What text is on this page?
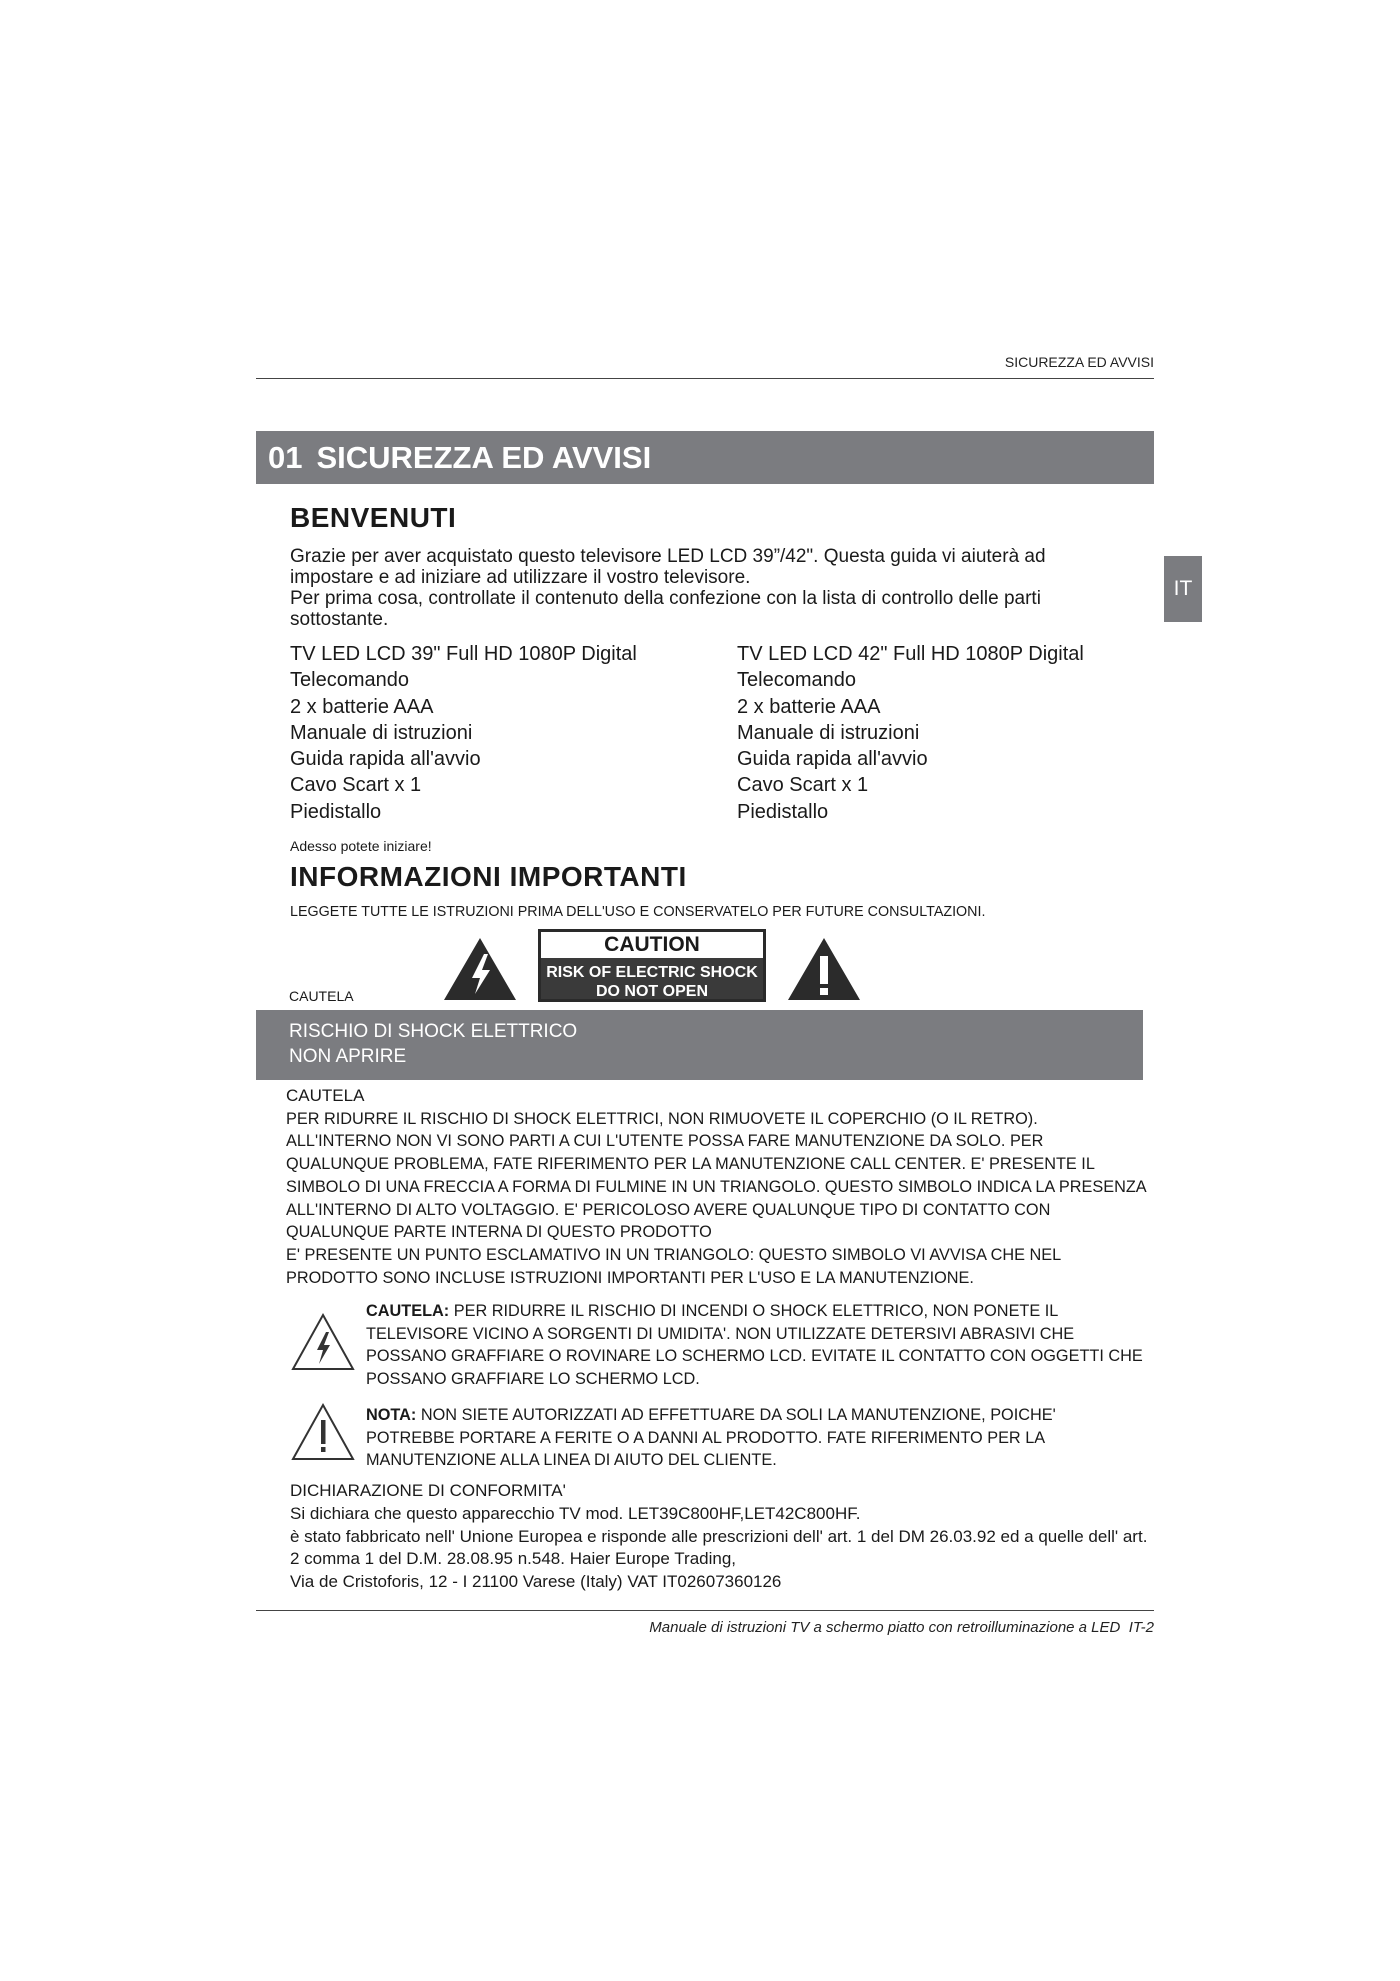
SICUREZZA ED AVVISI
01 SICUREZZA ED AVVISI
IT
BENVENUTI

Grazie per aver acquistato questo televisore LED LCD 39”/42". Questa guida vi aiuterà ad impostare e ad iniziare ad utilizzare il vostro televisore.

Per prima cosa, controllate il contenuto della confezione con la lista di controllo delle parti sottostante.

TV LED LCD 39" Full HD 1080P Digital
Telecomando
2 x batterie AAA
Manuale di istruzioni
Guida rapida all'avvio
Cavo Scart x 1
Piedistallo
TV LED LCD 42" Full HD 1080P Digital
Telecomando
2 x batterie AAA
Manuale di istruzioni
Guida rapida all'avvio
Cavo Scart x 1
Piedistallo
Adesso potete iniziare!
INFORMAZIONI IMPORTANTI
LEGGETE TUTTE LE ISTRUZIONI PRIMA DELL'USO E CONSERVATELO PER FUTURE CONSULTAZIONI.
CAUTELA
CAUTION
RISK OF ELECTRIC SHOCK
DO NOT OPEN
RISCHIO DI SHOCK ELETTRICO
NON APRIRE

CAUTELA

PER RIDURRE IL RISCHIO DI SHOCK ELETTRICI, NON RIMUOVETE IL COPERCHIO (O IL RETRO). ALL'INTERNO NON VI SONO PARTI A CUI L'UTENTE POSSA FARE MANUTENZIONE DA SOLO. PER QUALUNQUE PROBLEMA, FATE RIFERIMENTO PER LA MANUTENZIONE CALL CENTER. E' PRESENTE IL SIMBOLO DI UNA FRECCIA A FORMA DI FULMINE IN UN TRIANGOLO. QUESTO SIMBOLO INDICA LA PRESENZA ALL'INTERNO DI ALTO VOLTAGGIO. E' PERICOLOSO AVERE QUALUNQUE TIPO DI CONTATTO CON QUALUNQUE PARTE INTERNA DI QUESTO PRODOTTO

E' PRESENTE UN PUNTO ESCLAMATIVO IN UN TRIANGOLO: QUESTO SIMBOLO VI AVVISA CHE NEL PRODOTTO SONO INCLUSE ISTRUZIONI IMPORTANTI PER L'USO E LA MANUTENZIONE.

CAUTELA: PER RIDURRE IL RISCHIO DI INCENDI O SHOCK ELETTRICO, NON PONETE IL TELEVISORE VICINO A SORGENTI DI UMIDITA'. NON UTILIZZATE DETERSIVI ABRASIVI CHE POSSANO GRAFFIARE O ROVINARE LO SCHERMO LCD. EVITATE IL CONTATTO CON OGGETTI CHE POSSANO GRAFFIARE LO SCHERMO LCD.
NOTA: NON SIETE AUTORIZZATI AD EFFETTUARE DA SOLI LA MANUTENZIONE, POICHE' POTREBBE PORTARE A FERITE O A DANNI AL PRODOTTO. FATE RIFERIMENTO PER LA MANUTENZIONE ALLA LINEA DI AIUTO DEL CLIENTE.

DICHIARAZIONE DI CONFORMITA'

Si dichiara che questo apparecchio TV mod. LET39C800HF,LET42C800HF.

è stato fabbricato nell' Unione Europea e risponde alle prescrizioni dell' art. 1 del DM 26.03.92 ed a quelle dell' art. 2 comma 1 del D.M. 28.08.95 n.548. Haier Europe Trading,

Via de Cristoforis, 12 - I 21100 Varese (Italy) VAT IT02607360126

Manuale di istruzioni TV a schermo piatto con retroilluminazione a LED IT-2
